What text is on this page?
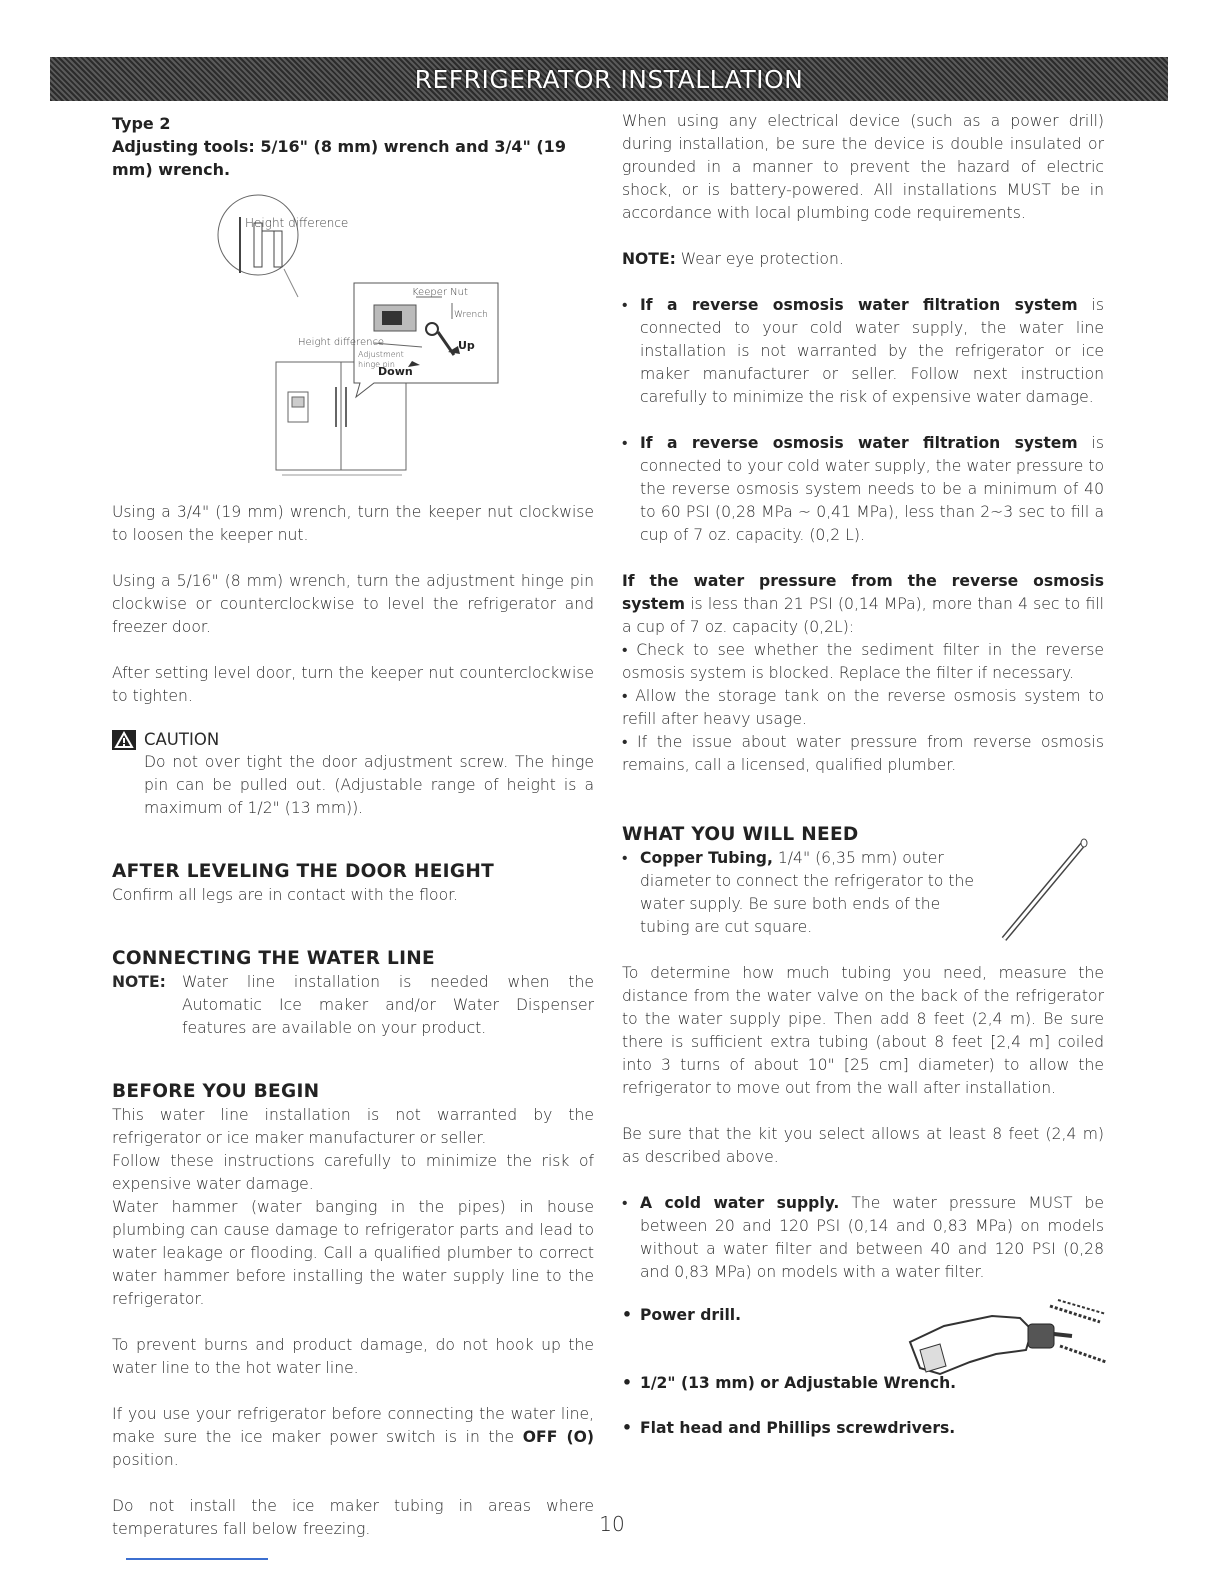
REFRIGERATOR INSTALLATION

Type 2

Adjusting tools: 5/16" (8 mm) wrench and 3/4" (19 mm) wrench.

Height difference
Height difference
Keeper Nut
Wrench
Adjustment
hinge pin
Up
Down

Using a 3/4" (19 mm) wrench, turn the keeper nut clockwise to loosen the keeper nut.

Using a 5/16" (8 mm) wrench, turn the adjustment hinge pin clockwise or counterclockwise to level the refrigerator and freezer door.

After setting level door, turn the keeper nut counterclockwise to tighten.

CAUTION

Do not over tight the door adjustment screw. The hinge pin can be pulled out. (Adjustable range of height is a maximum of 1/2" (13 mm)).

AFTER LEVELING THE DOOR HEIGHT

Confirm all legs are in contact with the floor.

CONNECTING THE WATER LINE

NOTE:	Water line installation is needed when the Automatic Ice maker and/or Water Dispenser features are available on your product.

BEFORE YOU BEGIN

This water line installation is not warranted by the refrigerator or ice maker manufacturer or seller.

Follow these instructions carefully to minimize the risk of expensive water damage.

Water hammer (water banging in the pipes) in house plumbing can cause damage to refrigerator parts and lead to water leakage or flooding. Call a qualified plumber to correct water hammer before installing the water supply line to the refrigerator.

To prevent burns and product damage, do not hook up the water line to the hot water line.

If you use your refrigerator before connecting the water line, make sure the ice maker power switch is in the OFF (O) position.

Do not install the ice maker tubing in areas where temperatures fall below freezing.

When using any electrical device (such as a power drill) during installation, be sure the device is double insulated or grounded in a manner to prevent the hazard of electric shock, or is battery-powered. All installations MUST be in accordance with local plumbing code requirements.

NOTE: Wear eye protection.

• If a reverse osmosis water filtration system is connected to your cold water supply, the water line installation is not warranted by the refrigerator or ice maker manufacturer or seller. Follow next instruction carefully to minimize the risk of expensive water damage.

• If a reverse osmosis water filtration system is connected to your cold water supply, the water pressure to the reverse osmosis system needs to be a minimum of 40 to 60 PSI (0,28 MPa ~ 0,41 MPa), less than 2~3 sec to fill a cup of 7 oz. capacity. (0,2 L).

If the water pressure from the reverse osmosis system is less than 21 PSI (0,14 MPa), more than 4 sec to fill a cup of 7 oz. capacity (0,2L):

• Check to see whether the sediment filter in the reverse osmosis system is blocked. Replace the filter if necessary.

• Allow the storage tank on the reverse osmosis system to refill after heavy usage.

• If the issue about water pressure from reverse osmosis remains, call a licensed, qualified plumber.

WHAT YOU WILL NEED

• Copper Tubing, 1/4" (6,35 mm) outer diameter to connect the refrigerator to the water supply. Be sure both ends of the tubing are cut square.

To determine how much tubing you need, measure the distance from the water valve on the back of the refrigerator to the water supply pipe. Then add 8 feet (2,4 m). Be sure there is sufficient extra tubing (about 8 feet [2,4 m] coiled into 3 turns of about 10" [25 cm] diameter) to allow the refrigerator to move out from the wall after installation.

Be sure that the kit you select allows at least 8 feet (2,4 m) as described above.

• A cold water supply. The water pressure MUST be between 20 and 120 PSI (0,14 and 0,83 MPa) on models without a water filter and between 40 and 120 PSI (0,28 and 0,83 MPa) on models with a water filter.

• Power drill.

• 1/2" (13 mm) or Adjustable Wrench.

• Flat head and Phillips screwdrivers.

10
